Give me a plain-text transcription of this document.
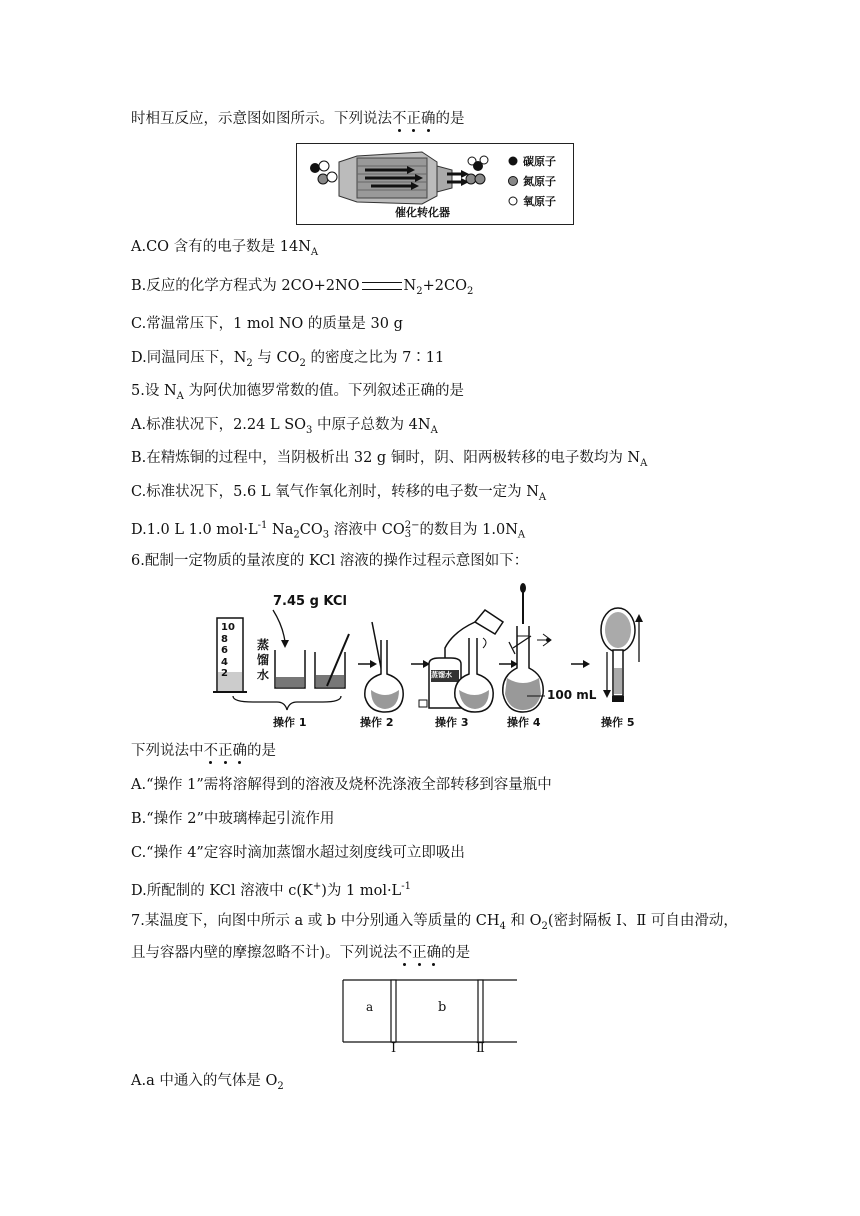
时相互反应，示意图如图所示。下列说法不正确的是
催化转化器
碳原子
氮原子
氧原子
A.CO 含有的电子数是 $14N_A$
B.反应的化学方程式为 2CO+2NO	$N_2+2CO_2$
C.常温常压下，1 mol NO 的质量是 30 g
D.同温同压下，$N_2$ 与 $CO_2$ 的密度之比为 7∶11
5.设 $N_A$ 为阿伏加德罗常数的值。下列叙述正确的是
A.标准状况下，2.24 L $SO_3$ 中原子总数为 $4N_A$
B.在精炼铜的过程中，当阴极析出 32 g 铜时，阴、阳两极转移的电子数均为 $N_A$
C.标准状况下，5.6 L 氧气作氧化剂时，转移的电子数一定为 $N_A$
D.1.0 L 1.0 $mol\cdot L^{-1}$ $Na_2CO_3$ 溶液中 CO 2−
3 的数目为 $1.0N_A$
6.配制一定物质的量浓度的 KCl 溶液的操作过程示意图如下：
7.45 g KCl
蒸
馏
水
10
8
6
4
2	蒸馏水
100 mL
操作 1	操作 2	操作 3	操作 4	操作 5
下列说法中不正确的是
A.“操作 1”需将溶解得到的溶液及烧杯洗涤液全部转移到容量瓶中
B.“操作 2”中玻璃棒起引流作用
C.“操作 4”定容时滴加蒸馏水超过刻度线可立即吸出
D.所配制的 KCl 溶液中 c(K+)为 1 $mol\cdot L^{-1}$
7.某温度下，向图中所示 a 或 b 中分别通入等质量的 $CH_4$ 和 $O_2$(密封隔板 Ⅰ、Ⅱ 可自由滑动，
且与容器内壁的摩擦忽略不计)。下列说法不正确的是
a	b
Ⅰ	Ⅱ
A.a 中通入的气体是 $O_2$
